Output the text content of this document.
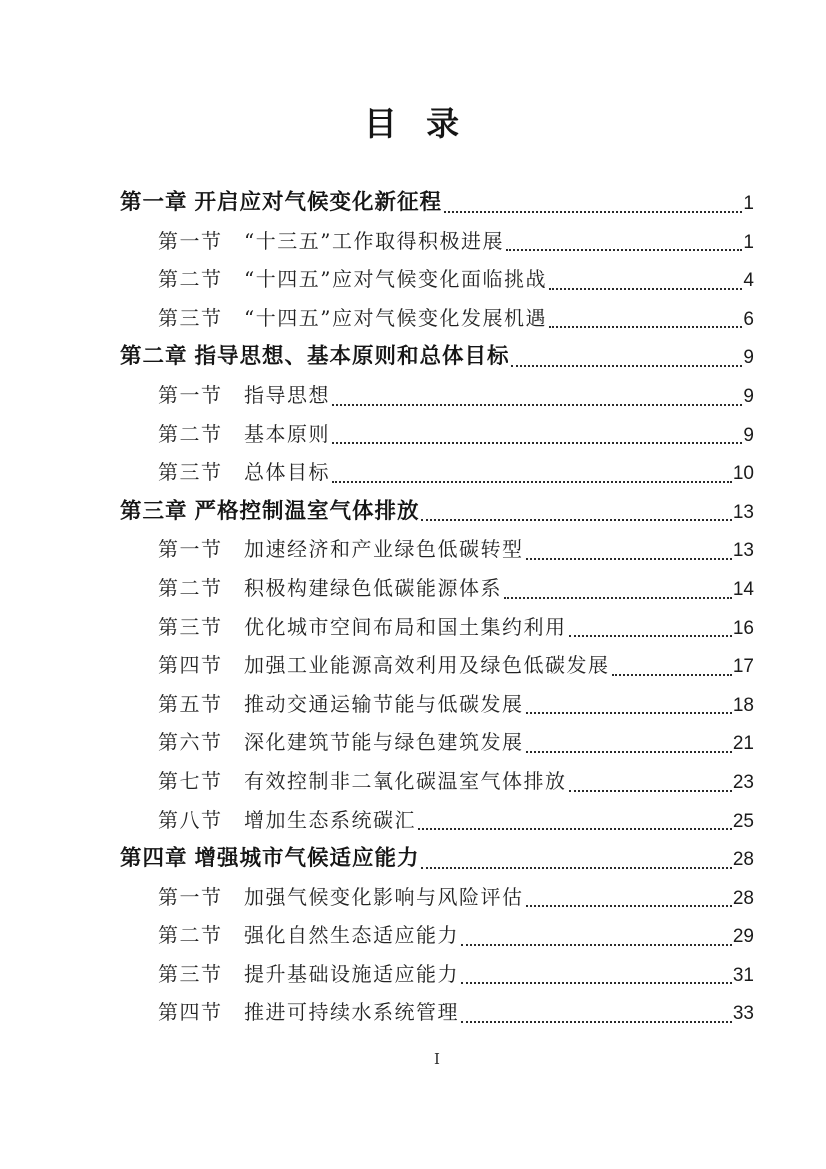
目 录
第一章 开启应对气候变化新征程	1
第一节　“十三五”工作取得积极进展	1
第二节　“十四五”应对气候变化面临挑战	4
第三节　“十四五”应对气候变化发展机遇	6
第二章 指导思想、基本原则和总体目标	9
第一节　指导思想	9
第二节　基本原则	9
第三节　总体目标	10
第三章 严格控制温室气体排放	13
第一节　加速经济和产业绿色低碳转型	13
第二节　积极构建绿色低碳能源体系	14
第三节　优化城市空间布局和国土集约利用	16
第四节　加强工业能源高效利用及绿色低碳发展	17
第五节　推动交通运输节能与低碳发展	18
第六节　深化建筑节能与绿色建筑发展	21
第七节　有效控制非二氧化碳温室气体排放	23
第八节　增加生态系统碳汇	25
第四章 增强城市气候适应能力	28
第一节　加强气候变化影响与风险评估	28
第二节　强化自然生态适应能力	29
第三节　提升基础设施适应能力	31
第四节　推进可持续水系统管理	33
I
